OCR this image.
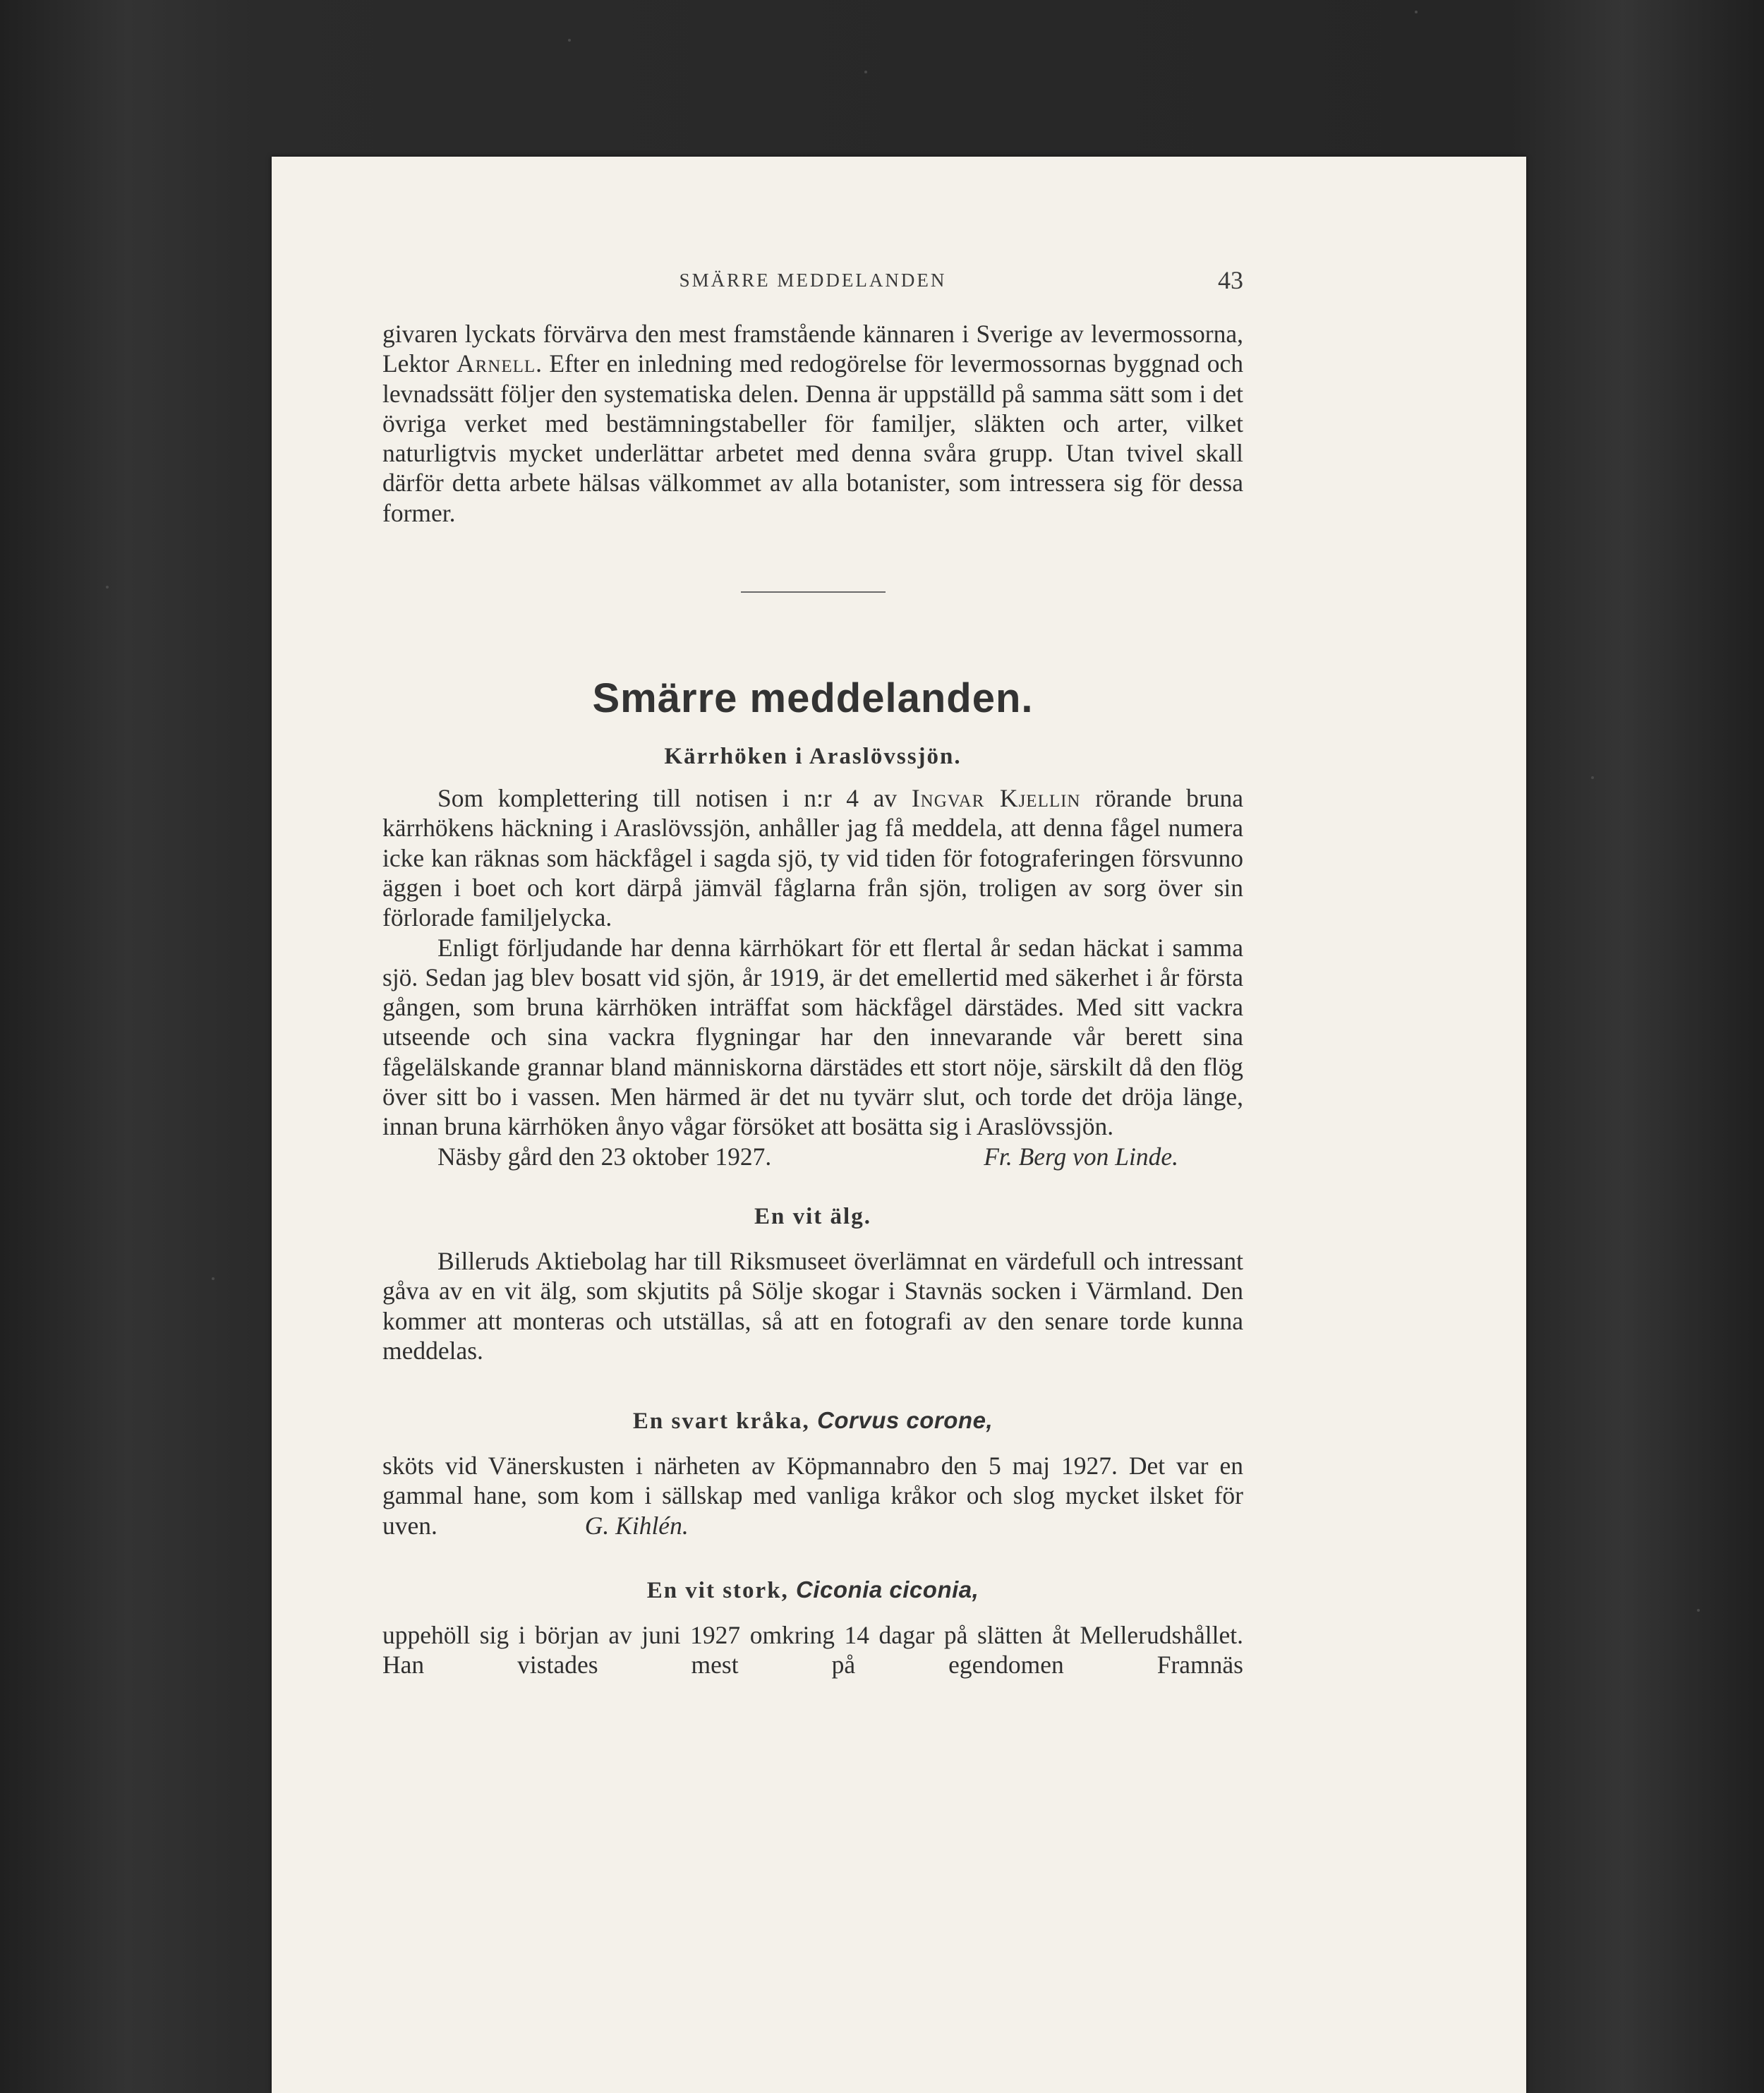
SMÄRRE MEDDELANDEN	43

givaren lyckats förvärva den mest framstående kännaren i Sverige av levermossorna, Lektor Arnell. Efter en inledning med redogörelse för levermossornas byggnad och levnadssätt följer den systematiska delen. Denna är uppställd på samma sätt som i det övriga verket med bestämningstabeller för familjer, släkten och arter, vilket naturligtvis mycket underlättar arbetet med denna svåra grupp. Utan tvivel skall därför detta arbete hälsas välkommet av alla botanister, som intressera sig för dessa former.

Smärre meddelanden.
Kärrhöken i Araslövssjön.

Som komplettering till notisen i n:r 4 av Ingvar Kjellin rörande bruna kärrhökens häckning i Araslövssjön, anhåller jag få meddela, att denna fågel numera icke kan räknas som häckfågel i sagda sjö, ty vid tiden för fotograferingen försvunno äggen i boet och kort därpå jämväl fåglarna från sjön, troligen av sorg över sin förlorade familjelycka.

Enligt förljudande har denna kärrhökart för ett flertal år sedan häckat i samma sjö. Sedan jag blev bosatt vid sjön, år 1919, är det emellertid med säkerhet i år första gången, som bruna kärrhöken inträffat som häckfågel därstädes. Med sitt vackra utseende och sina vackra flygningar har den innevarande vår berett sina fågelälskande grannar bland människorna därstädes ett stort nöje, särskilt då den flög över sitt bo i vassen. Men härmed är det nu tyvärr slut, och torde det dröja länge, innan bruna kärrhöken ånyo vågar försöket att bosätta sig i Araslövssjön.

Näsby gård den 23 oktober 1927.	Fr. Berg von Linde.
En vit älg.

Billeruds Aktiebolag har till Riksmuseet överlämnat en värdefull och intressant gåva av en vit älg, som skjutits på Sölje skogar i Stavnäs socken i Värmland. Den kommer att monteras och utställas, så att en fotografi av den senare torde kunna meddelas.

En svart kråka, Corvus corone,

sköts vid Vänerskusten i närheten av Köpmannabro den 5 maj 1927. Det var en gammal hane, som kom i sällskap med vanliga kråkor och slog mycket ilsket för uven.	G. Kihlén.

En vit stork, Ciconia ciconia,

uppehöll sig i början av juni 1927 omkring 14 dagar på slätten åt Mellerudshållet. Han vistades mest på egendomen Framnäs
